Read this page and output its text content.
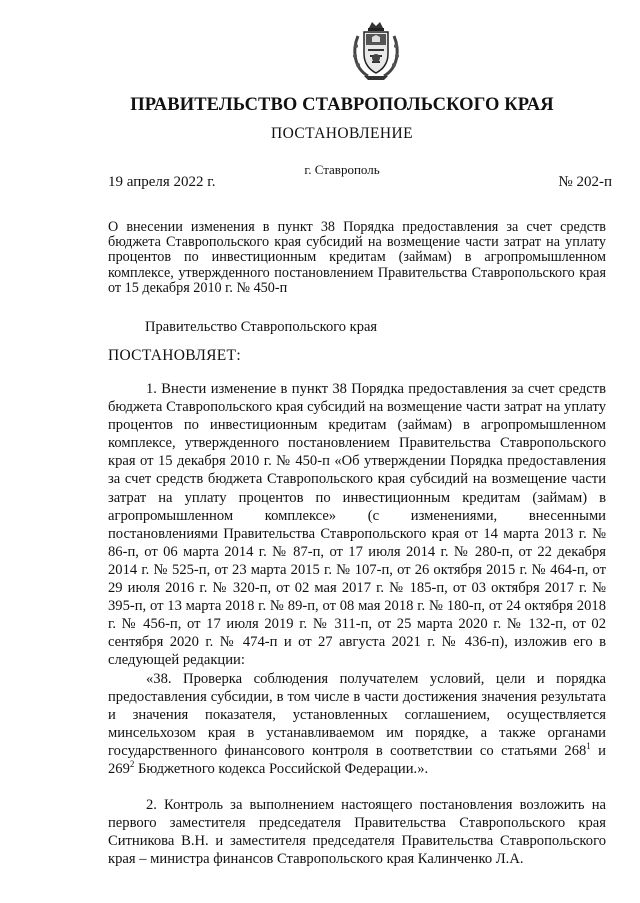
ПРАВИТЕЛЬСТВО СТАВРОПОЛЬСКОГО КРАЯ
ПОСТАНОВЛЕНИЕ
г. Ставрополь
19 апреля 2022 г.	№ 202-п
О внесении изменения в пункт 38 Порядка предоставления за счет средств бюджета Ставропольского края субсидий на возмещение части затрат на уплату процентов по инвестиционным кредитам (займам) в агропромышленном комплексе, утвержденного постановлением Правительства Ставропольского края от 15 декабря 2010 г. № 450-п
Правительство Ставропольского края
ПОСТАНОВЛЯЕТ:

1. Внести изменение в пункт 38 Порядка предоставления за счет средств бюджета Ставропольского края субсидий на возмещение части затрат на уплату процентов по инвестиционным кредитам (займам) в агропромышленном комплексе, утвержденного постановлением Правительства Ставропольского края от 15 декабря 2010 г. № 450-п «Об утверждении Порядка предоставления за счет средств бюджета Ставропольского края субсидий на возмещение части затрат на уплату процентов по инвестиционным кредитам (займам) в агропромышленном комплексе» (с изменениями, внесенными постановлениями Правительства Ставропольского края от 14 марта 2013 г. № 86-п, от 06 марта 2014 г. № 87-п, от 17 июля 2014 г. № 280-п, от 22 декабря 2014 г. № 525-п, от 23 марта 2015 г. № 107-п, от 26 октября 2015 г. № 464-п, от 29 июля 2016 г. № 320-п, от 02 мая 2017 г. № 185-п, от 03 октября 2017 г. № 395-п, от 13 марта 2018 г. № 89-п, от 08 мая 2018 г. № 180-п, от 24 октября 2018 г. № 456-п, от 17 июля 2019 г. № 311-п, от 25 марта 2020 г. № 132-п, от 02 сентября 2020 г. № 474-п и от 27 августа 2021 г. № 436-п), изложив его в следующей редакции:

«38. Проверка соблюдения получателем условий, цели и порядка предоставления субсидии, в том числе в части достижения значения результата и значения показателя, установленных соглашением, осуществляется минсельхозом края в устанавливаемом им порядке, а также органами государственного финансового контроля в соответствии со статьями $268^1$ и $269^2$ Бюджетного кодекса Российской Федерации.».

2. Контроль за выполнением настоящего постановления возложить на первого заместителя председателя Правительства Ставропольского края Ситникова В.Н. и заместителя председателя Правительства Ставропольского края – министра финансов Ставропольского края Калинченко Л.А.
